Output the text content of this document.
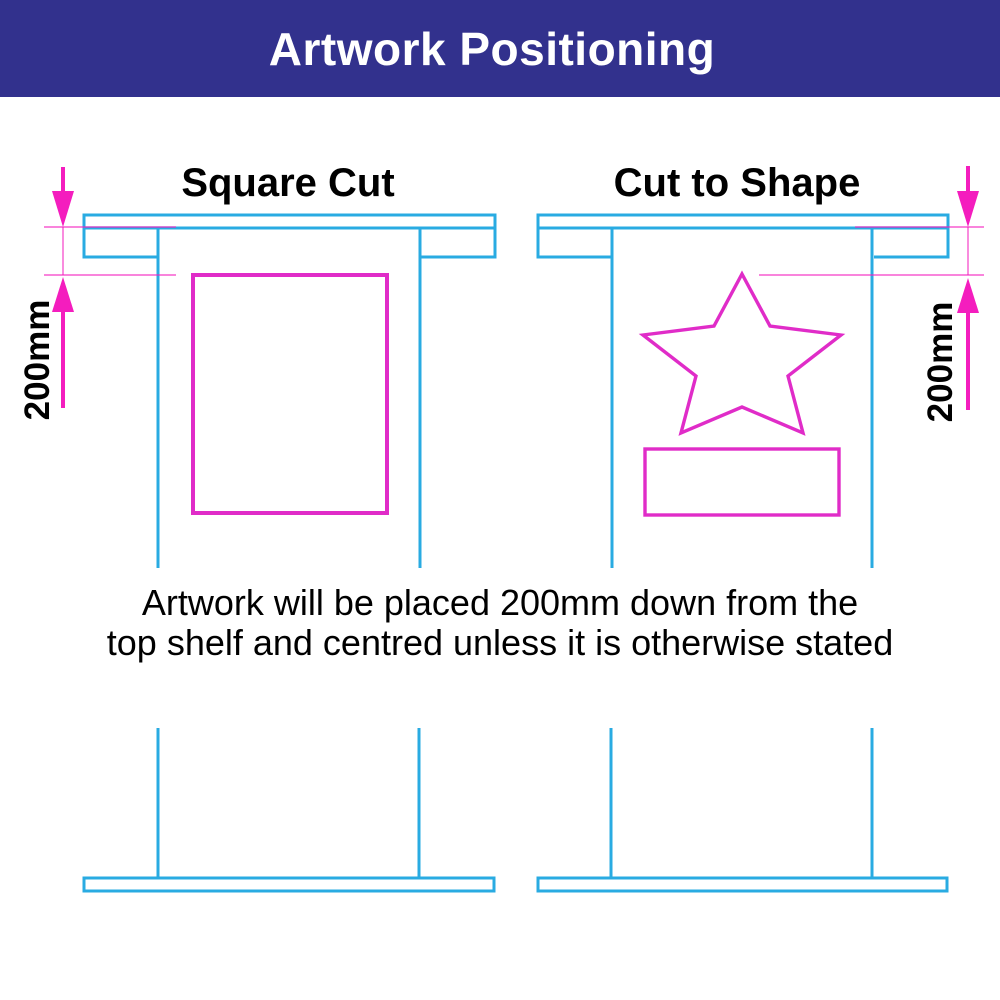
Artwork Positioning
Square Cut	Cut to Shape
200mm	200mm
Artwork will be placed 200mm down from the
top shelf and centred unless it is otherwise stated
